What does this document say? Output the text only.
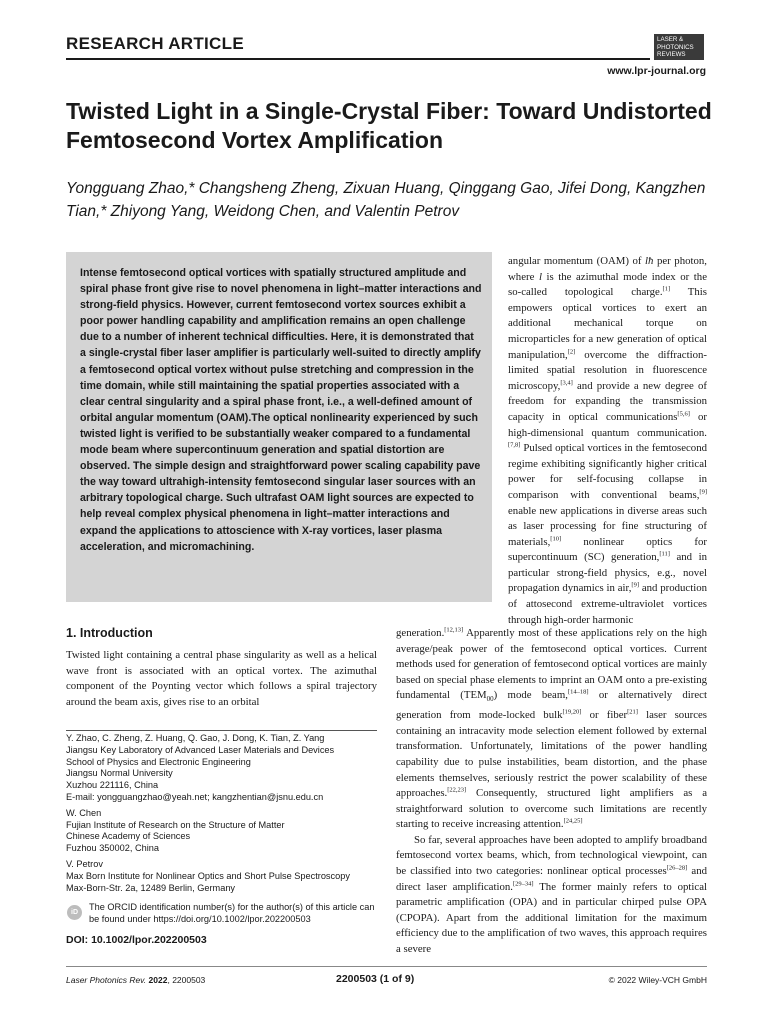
RESEARCH ARTICLE	LASER & PHOTONICS REVIEWS
www.lpr-journal.org
Twisted Light in a Single-Crystal Fiber: Toward Undistorted Femtosecond Vortex Amplification
Yongguang Zhao,* Changsheng Zheng, Zixuan Huang, Qinggang Gao, Jifei Dong, Kangzhen Tian,* Zhiyong Yang, Weidong Chen, and Valentin Petrov
Intense femtosecond optical vortices with spatially structured amplitude and spiral phase front give rise to novel phenomena in light–matter interactions and strong-field physics. However, current femtosecond vortex sources exhibit a poor power handling capability and amplification remains an open challenge due to a number of inherent technical difficulties. Here, it is demonstrated that a single-crystal fiber laser amplifier is particularly well-suited to directly amplify a femtosecond optical vortex without pulse stretching and compression in the time domain, while still maintaining the spatial properties associated with a clear central singularity and a spiral phase front, i.e., a well-defined amount of orbital angular momentum (OAM).The optical nonlinearity experienced by such twisted light is verified to be substantially weaker compared to a fundamental mode beam where supercontinuum generation and spatial distortion are observed. The simple design and straightforward power scaling capability pave the way toward ultrahigh-intensity femtosecond singular laser sources with an arbitrary topological charge. Such ultrafast OAM light sources are expected to help reveal complex physical phenomena in light–matter interactions and expand the applications to attoscience with X-ray vortices, laser plasma acceleration, and micromachining.
angular momentum (OAM) of lħ per photon, where l is the azimuthal mode index or the so-called topological charge.[1] This empowers optical vortices to exert an additional mechanical torque on microparticles for a new generation of optical manipulation,[2] overcome the diffraction-limited spatial resolution in fluorescence microscopy,[3,4] and provide a new degree of freedom for expanding the transmission capacity in optical communications[5,6] or high-dimensional quantum communication.[7,8] Pulsed optical vortices in the femtosecond regime exhibiting significantly higher critical power for self-focusing collapse in comparison with conventional beams,[9] enable new applications in diverse areas such as laser processing for fine structuring of materials,[10] nonlinear optics for supercontinuum (SC) generation,[11] and in particular strong-field physics, e.g., novel propagation dynamics in air,[9] and production of attosecond extreme-ultraviolet vortices through high-order harmonic
1. Introduction
Twisted light containing a central phase singularity as well as a helical wave front is associated with an optical vortex. The azimuthal component of the Poynting vector which follows a spiral trajectory around the beam axis, gives rise to an orbital
generation.[12,13] Apparently most of these applications rely on the high average/peak power of the femtosecond optical vortices. Current methods used for generation of femtosecond optical vortices are mainly based on special phase elements to imprint an OAM onto a pre-existing fundamental $(TEM_{00})$ mode beam,[14–18] or alternatively direct generation from mode-locked bulk[19,20] or fiber[21] laser sources containing an intracavity mode selection element followed by external transformation. Unfortunately, limitations of the power handling capability due to pulse instabilities, beam distortion, and the phase elements themselves, seriously restrict the power scalability of these approaches.[22,23] Consequently, structured light amplifiers as a straightforward solution to overcome such limitations are recently starting to receive increasing attention.[24,25]
So far, several approaches have been adopted to amplify broadband femtosecond vortex beams, which, from technological viewpoint, can be classified into two categories: nonlinear optical processes[26–28] and direct laser amplification.[29–34] The former mainly refers to optical parametric amplification (OPA) and in particular chirped pulse OPA (CPOPA). Apart from the additional limitation for the maximum efficiency due to the amplification of two waves, this approach requires a severe

Y. Zhao, C. Zheng, Z. Huang, Q. Gao, J. Dong, K. Tian, Z. Yang

Jiangsu Key Laboratory of Advanced Laser Materials and Devices

School of Physics and Electronic Engineering

Jiangsu Normal University

Xuzhou 221116, China

E-mail: yongguangzhao@yeah.net; kangzhentian@jsnu.edu.cn

W. Chen

Fujian Institute of Research on the Structure of Matter

Chinese Academy of Sciences

Fuzhou 350002, China

V. Petrov

Max Born Institute for Nonlinear Optics and Short Pulse Spectroscopy

Max-Born-Str. 2a, 12489 Berlin, Germany

iD
The ORCID identification number(s) for the author(s) of this article can be found under https://doi.org/10.1002/lpor.202200503
DOI: 10.1002/lpor.202200503
Laser Photonics Rev. 2022, 2200503	2200503 (1 of 9)	© 2022 Wiley-VCH GmbH
